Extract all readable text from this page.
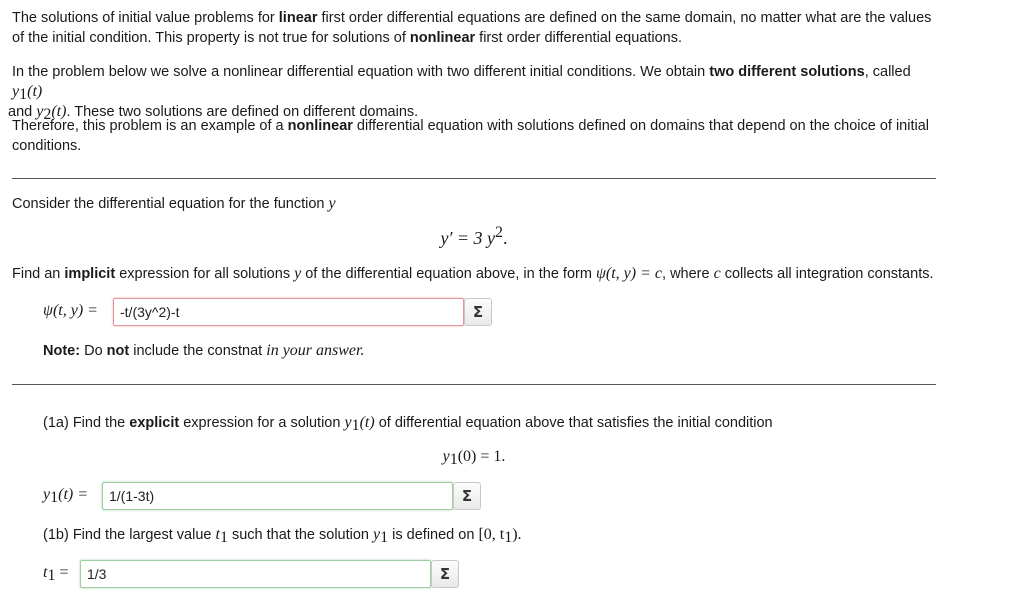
The solutions of initial value problems for linear first order differential equations are defined on the same domain, no matter what are the values of the initial condition. This property is not true for solutions of nonlinear first order differential equations.
In the problem below we solve a nonlinear differential equation with two different initial conditions. We obtain two different solutions, called $y_1(t)$
and $y_2(t)$. These two solutions are defined on different domains.
Therefore, this problem is an example of a nonlinear differential equation with solutions defined on domains that depend on the choice of initial conditions.
Consider the differential equation for the function y
y′ = 3 $y^2$.
Find an implicit expression for all solutions y of the differential equation above, in the form ψ(t, y) = c, where c collects all integration constants.
ψ(t, y) =	-t/(3y^2)-t	Σ
Note: Do not include the constnat in your answer.
(1a) Find the explicit expression for a solution $y_1(t)$ of differential equation above that satisfies the initial condition
$y_1(0) = 1$.
$y_1(t)$ =	1/(1-3t)	Σ
(1b) Find the largest value $t_1$ such that the solution $y_1$ is defined on [0, $t_1$).
$t_1$ =	1/3	Σ
